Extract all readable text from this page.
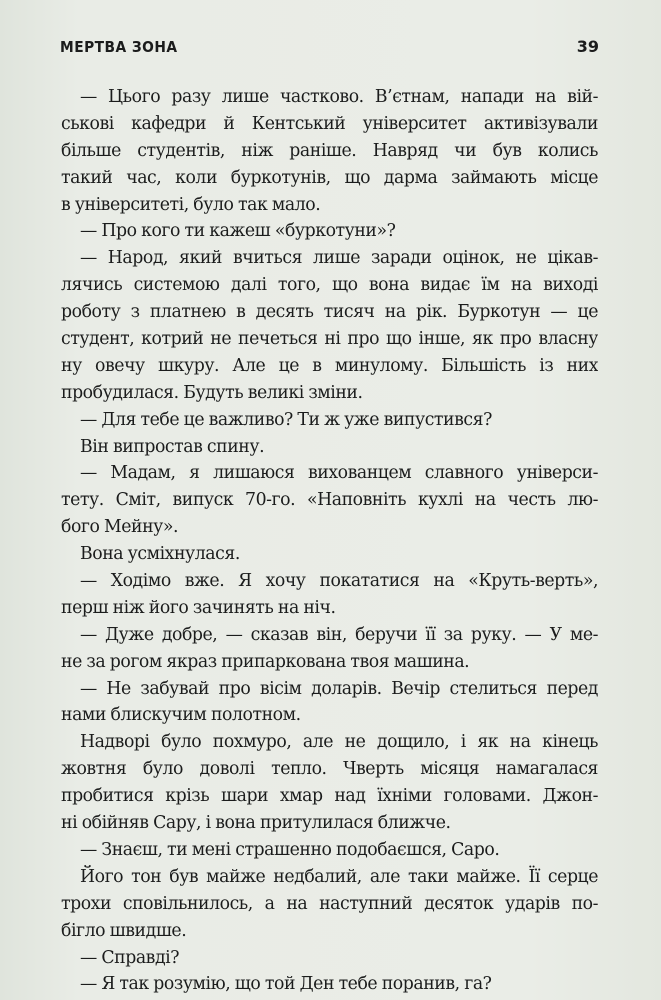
МЕРТВА ЗОНА	39
— Цього разу лише частково. В’єтнам, напади на вій-
ськові кафедри й Кентський університет активізували
більше студентів, ніж раніше. Навряд чи був колись
такий час, коли буркотунів, що дарма займають місце
в університеті, було так мало.
— Про кого ти кажеш «буркотуни»?
— Народ, який вчиться лише заради оцінок, не цікав-
лячись системою далі того, що вона видає їм на виході
роботу з платнею в десять тисяч на рік. Буркотун — це
студент, котрий не печеться ні про що інше, як про власну
ну овечу шкуру. Але це в минулому. Більшість із них
пробудилася. Будуть великі зміни.
— Для тебе це важливо? Ти ж уже випустився?
Він випростав спину.
— Мадам, я лишаюся вихованцем славного універси-
тету. Сміт, випуск 70-го. «Наповніть кухлі на честь лю-
бого Мейну».
Вона усміхнулася.
— Ходімо вже. Я хочу покататися на «Круть-верть»,
перш ніж його зачинять на ніч.
— Дуже добре, — сказав він, беручи її за руку. — У ме-
не за рогом якраз припаркована твоя машина.
— Не забувай про вісім доларів. Вечір стелиться перед
нами блискучим полотном.
Надворі було похмуро, але не дощило, і як на кінець
жовтня було доволі тепло. Чверть місяця намагалася
пробитися крізь шари хмар над їхніми головами. Джон-
ні обійняв Сару, і вона притулилася ближче.
— Знаєш, ти мені страшенно подобаєшся, Саро.
Його тон був майже недбалий, але таки майже. Її серце
трохи сповільнилось, а на наступний десяток ударів по-
бігло швидше.
— Справді?
— Я так розумію, що той Ден тебе поранив, га?
